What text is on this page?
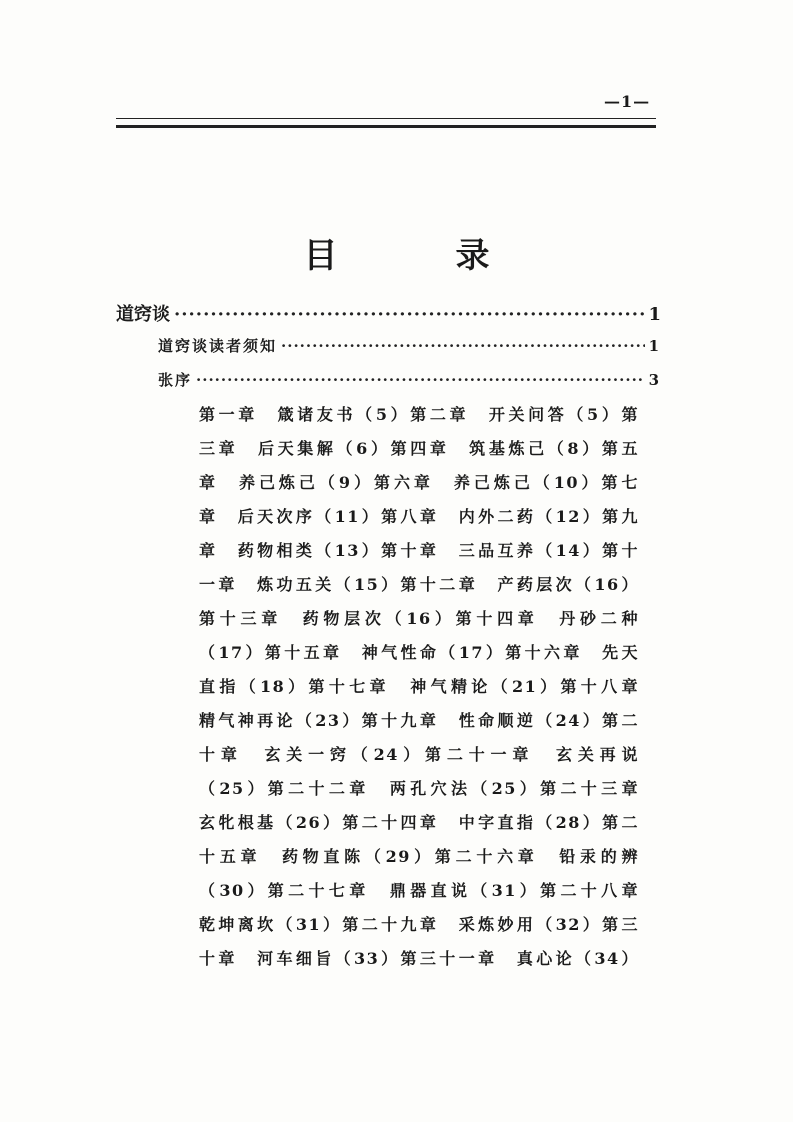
—1—
目　录
道窍谈 ·····	1
道窍谈读者须知 ·····	1
张序 ·····	3
第一章　箴诸友书（5）第二章　开关问答（5）第
三章　后天集解（6）第四章　筑基炼己（8）第五
章　养己炼己（9）第六章　养己炼己（10）第七
章　后天次序（11）第八章　内外二药（12）第九
章　药物相类（13）第十章　三品互养（14）第十
一章　炼功五关（15）第十二章　产药层次（16）
第十三章　药物层次（16）第十四章　丹砂二种
（17）第十五章　神气性命（17）第十六章　先天
直指（18）第十七章　神气精论（21）第十八章
精气神再论（23）第十九章　性命顺逆（24）第二
十章　玄关一窍（24）第二十一章　玄关再说
（25）第二十二章　两孔穴法（25）第二十三章
玄牝根基（26）第二十四章　中字直指（28）第二
十五章　药物直陈（29）第二十六章　铅汞的辨
（30）第二十七章　鼎器直说（31）第二十八章
乾坤离坎（31）第二十九章　采炼妙用（32）第三
十章　河车细旨（33）第三十一章　真心论（34）
